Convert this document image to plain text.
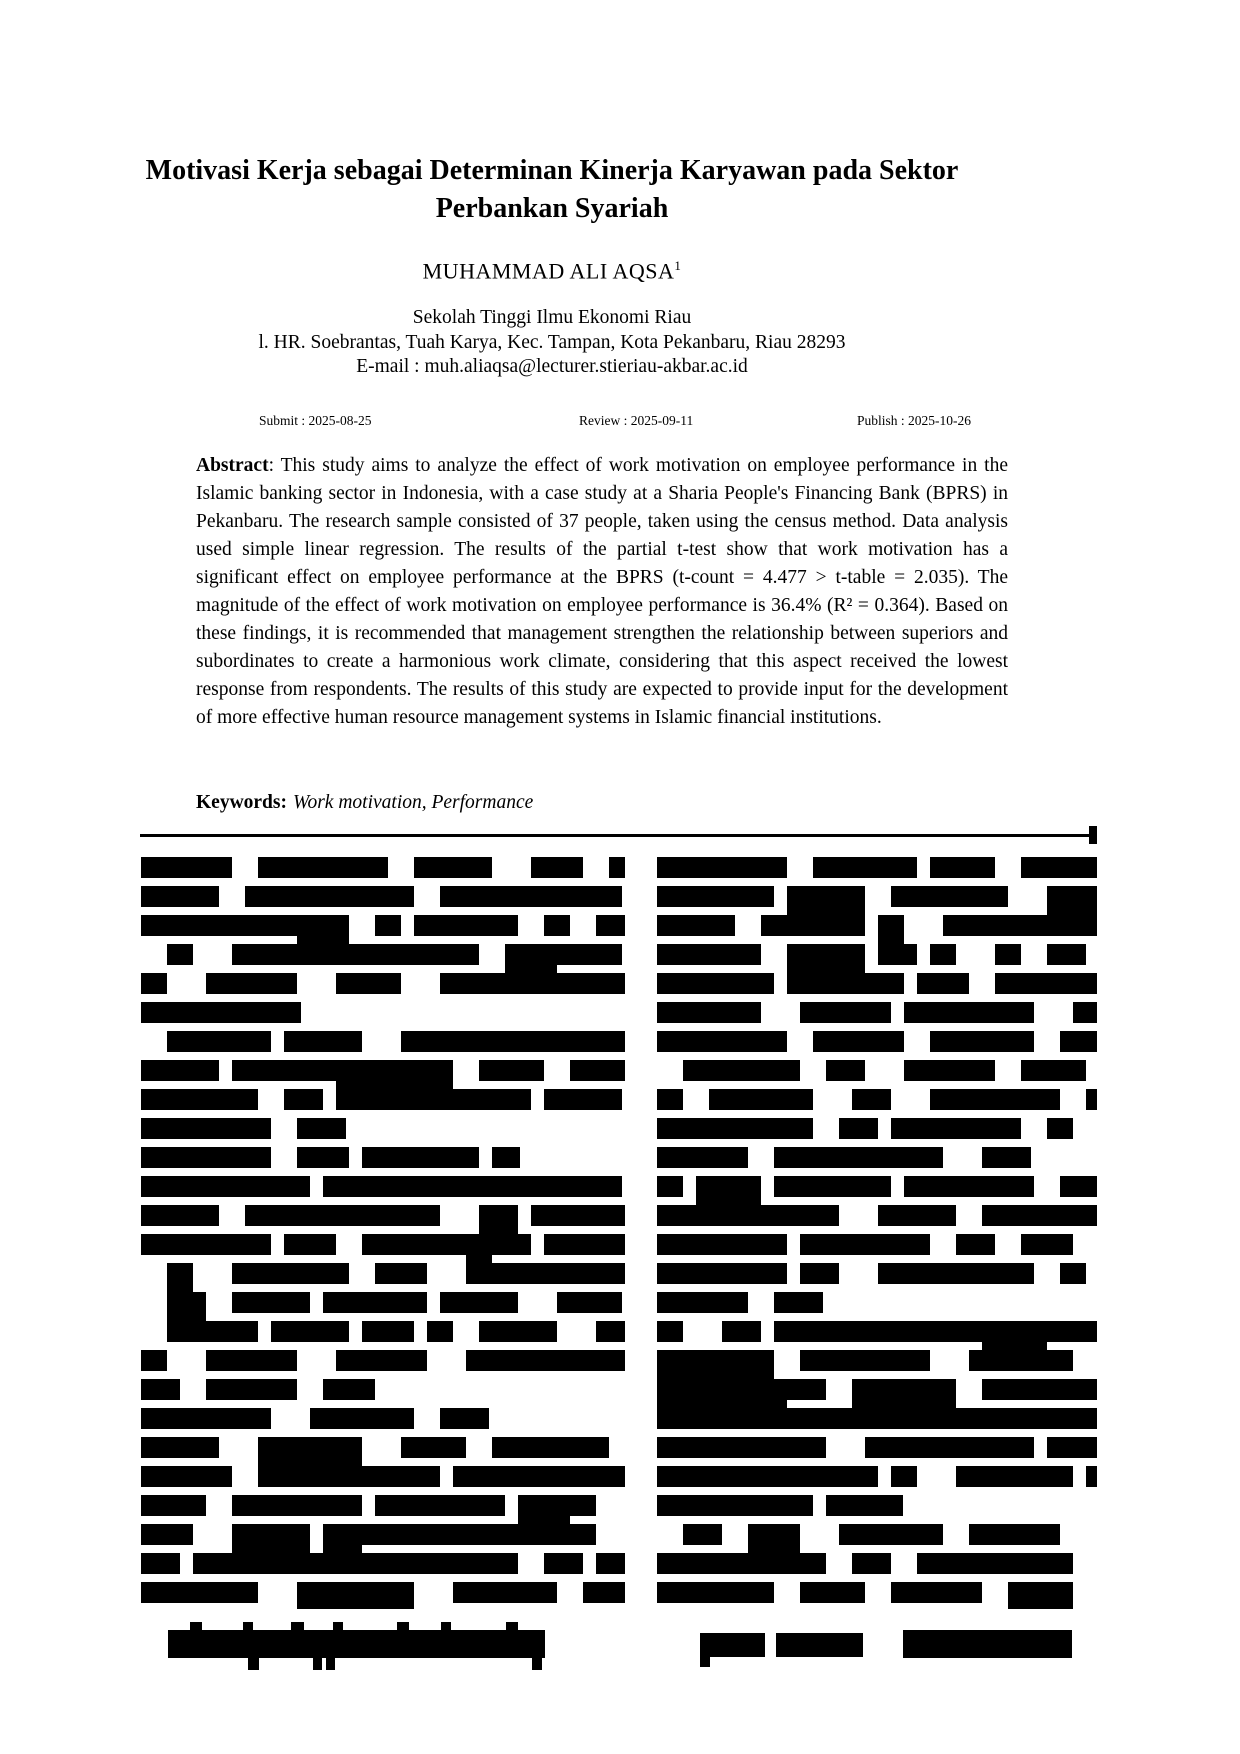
Motivasi Kerja sebagai Determinan Kinerja Karyawan pada Sektor
Perbankan Syariah
MUHAMMAD ALI AQSA$^1$
Sekolah Tinggi Ilmu Ekonomi Riau
l. HR. Soebrantas, Tuah Karya, Kec. Tampan, Kota Pekanbaru, Riau 28293
E-mail : muh.aliaqsa@lecturer.stieriau-akbar.ac.id
Submit : 2025-08-25	Review : 2025-09-11	Publish : 2025-10-26

Abstract: This study aims to analyze the effect of work motivation on employee performance in the Islamic banking sector in Indonesia, with a case study at a Sharia People's Financing Bank (BPRS) in Pekanbaru. The research sample consisted of 37 people, taken using the census method. Data analysis used simple linear regression. The results of the partial t-test show that work motivation has a significant effect on employee performance at the BPRS (t-count = 4.477 > t-table = 2.035). The magnitude of the effect of work motivation on employee performance is 36.4% (R² = 0.364). Based on these findings, it is recommended that management strengthen the relationship between superiors and subordinates to create a harmonious work climate, considering that this aspect received the lowest response from respondents. The results of this study are expected to provide input for the development of more effective human resource management systems in Islamic financial institutions.

Keywords: Work motivation, Performance
